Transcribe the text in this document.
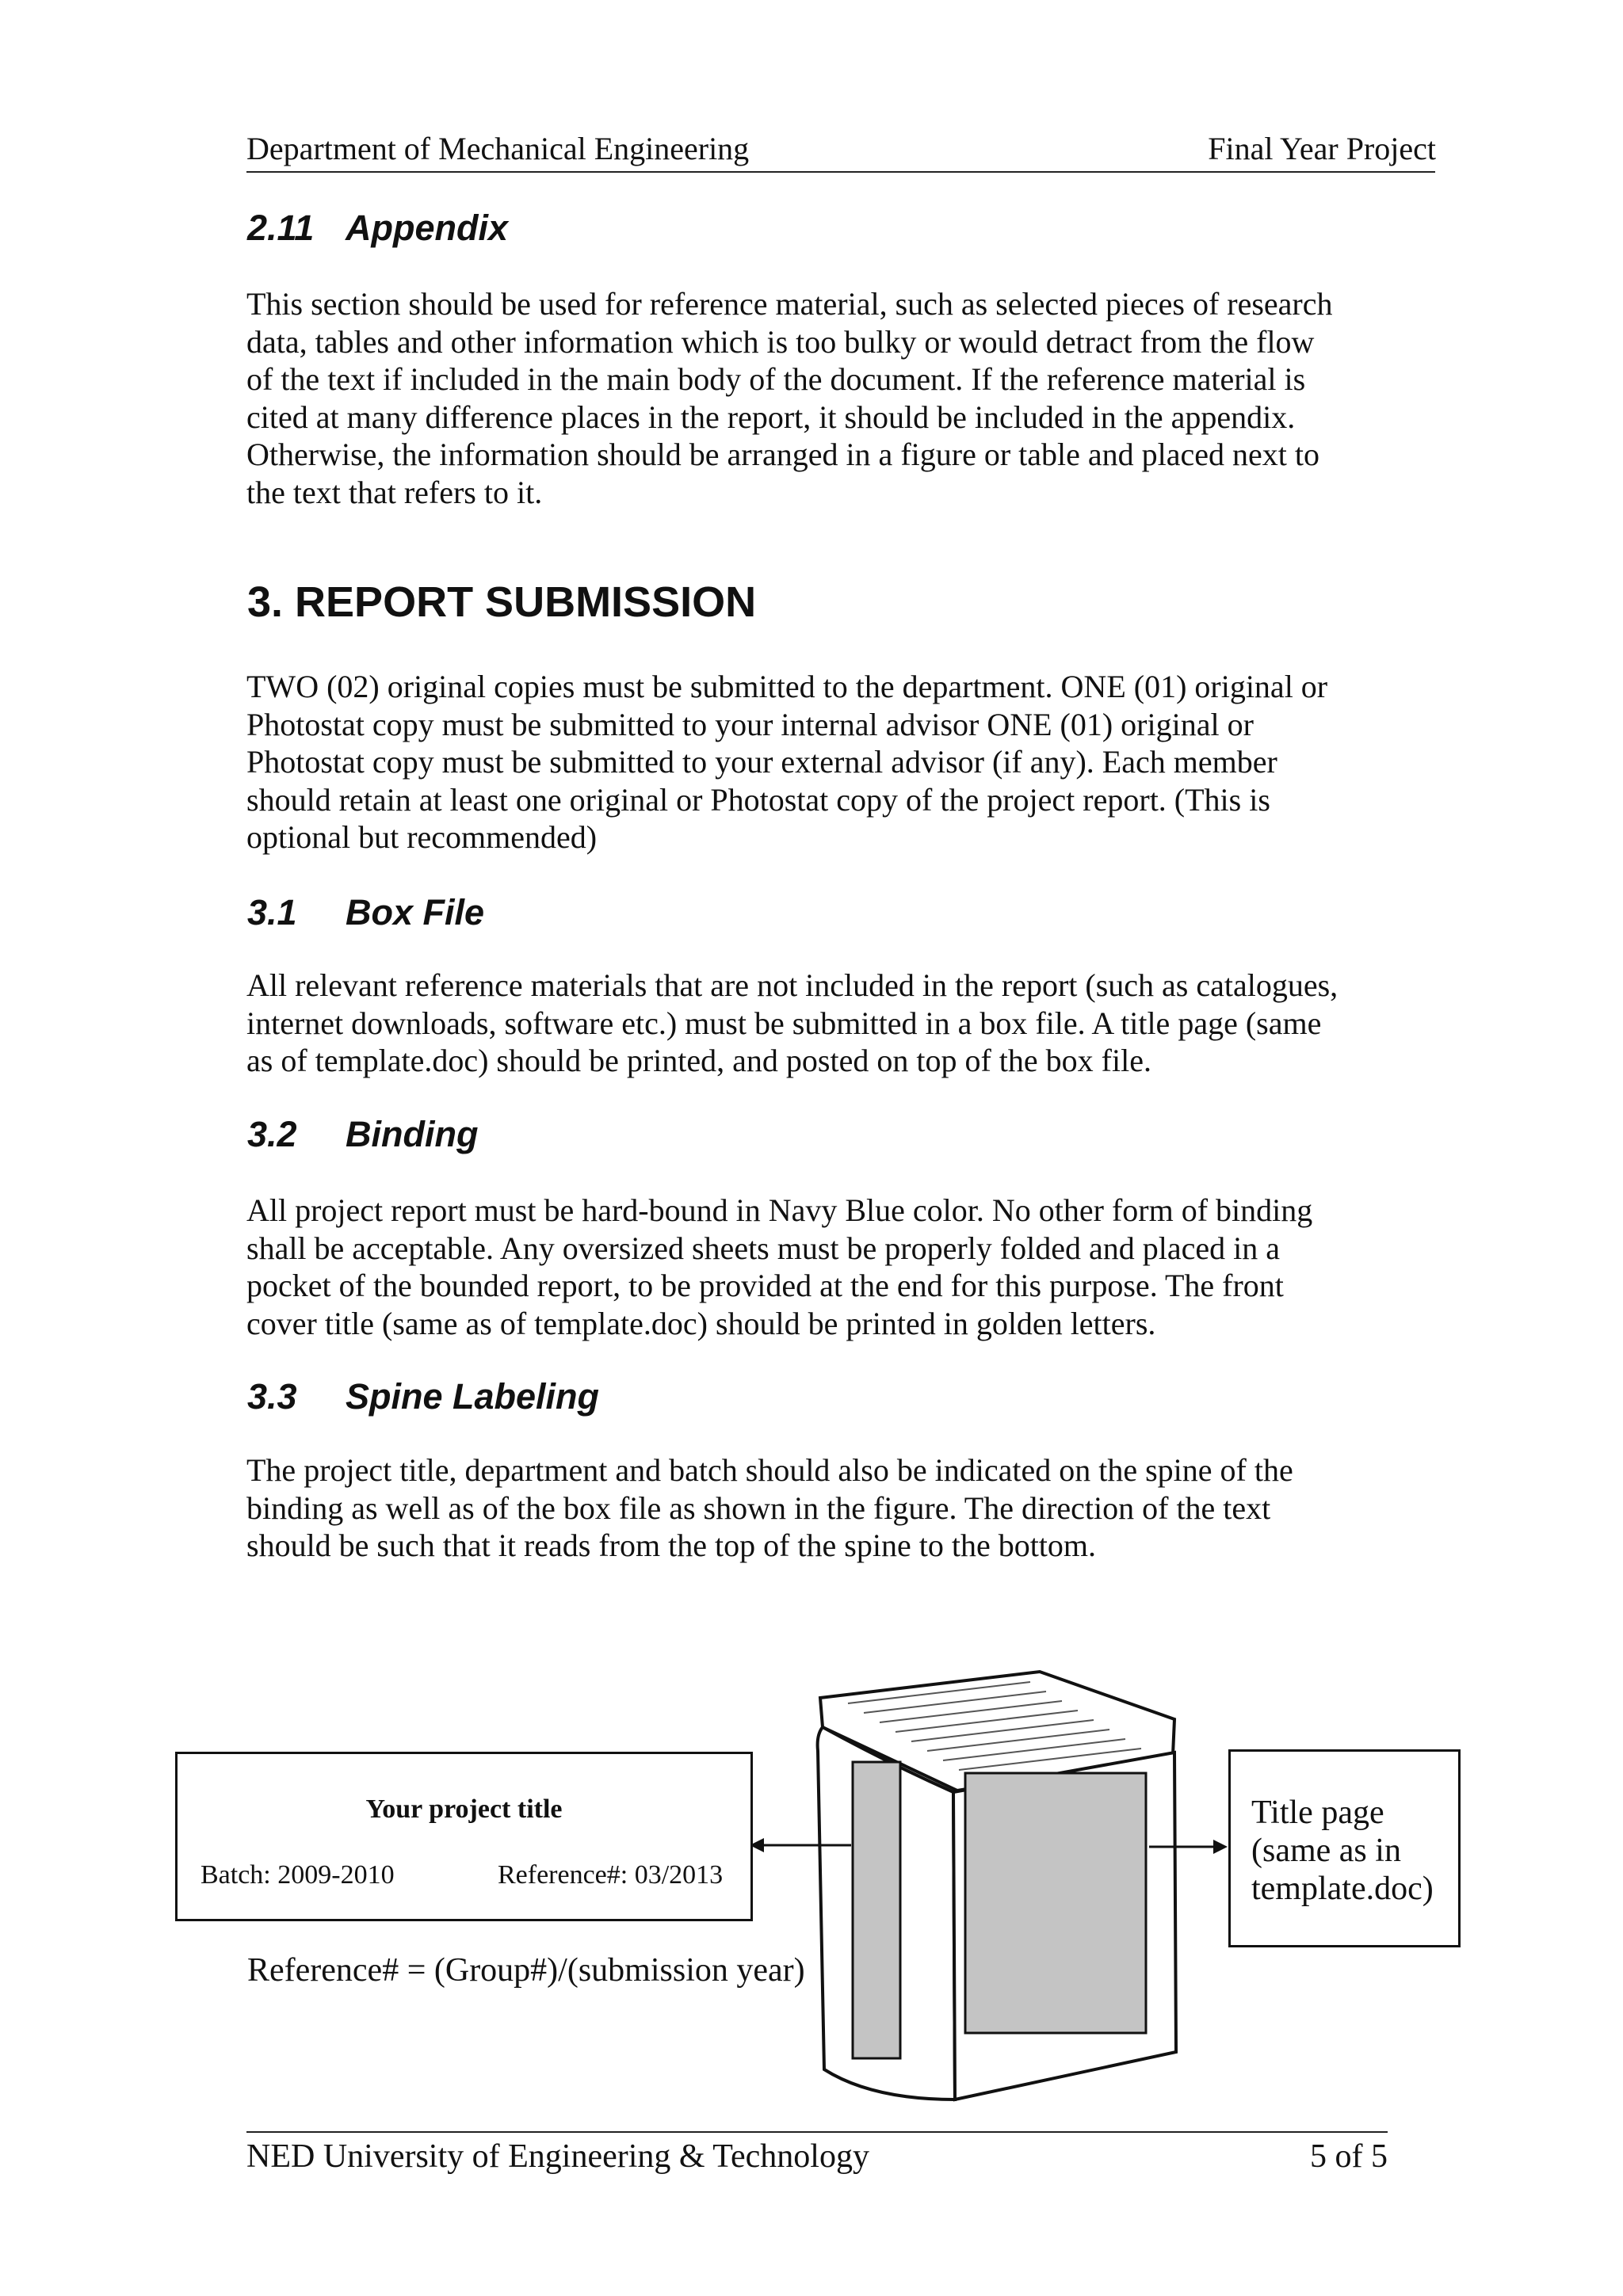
Department of Mechanical Engineering	Final Year Project
2.11 Appendix
This section should be used for reference material, such as selected pieces of research
data, tables and other information which is too bulky or would detract from the flow
of the text if included in the main body of the document. If the reference material is
cited at many difference places in the report, it should be included in the appendix.
Otherwise, the information should be arranged in a figure or table and placed next to
the text that refers to it.
3. REPORT SUBMISSION
TWO (02) original copies must be submitted to the department. ONE (01) original or
Photostat copy must be submitted to your internal advisor ONE (01) original or
Photostat copy must be submitted to your external advisor (if any). Each member
should retain at least one original or Photostat copy of the project report. (This is
optional but recommended)
3.1 Box File
All relevant reference materials that are not included in the report (such as catalogues,
internet downloads, software etc.) must be submitted in a box file. A title page (same
as of template.doc) should be printed, and posted on top of the box file.
3.2 Binding
All project report must be hard-bound in Navy Blue color. No other form of binding
shall be acceptable. Any oversized sheets must be properly folded and placed in a
pocket of the bounded report, to be provided at the end for this purpose. The front
cover title (same as of template.doc) should be printed in golden letters.
3.3 Spine Labeling
The project title, department and batch should also be indicated on the spine of the
binding as well as of the box file as shown in the figure. The direction of the text
should be such that it reads from the top of the spine to the bottom.
Your project title
Batch: 2009-2010	Reference#: 03/2013
Title page
(same as in
template.doc)
Reference# = (Group#)/(submission year)
NED University of Engineering & Technology	5 of 5
